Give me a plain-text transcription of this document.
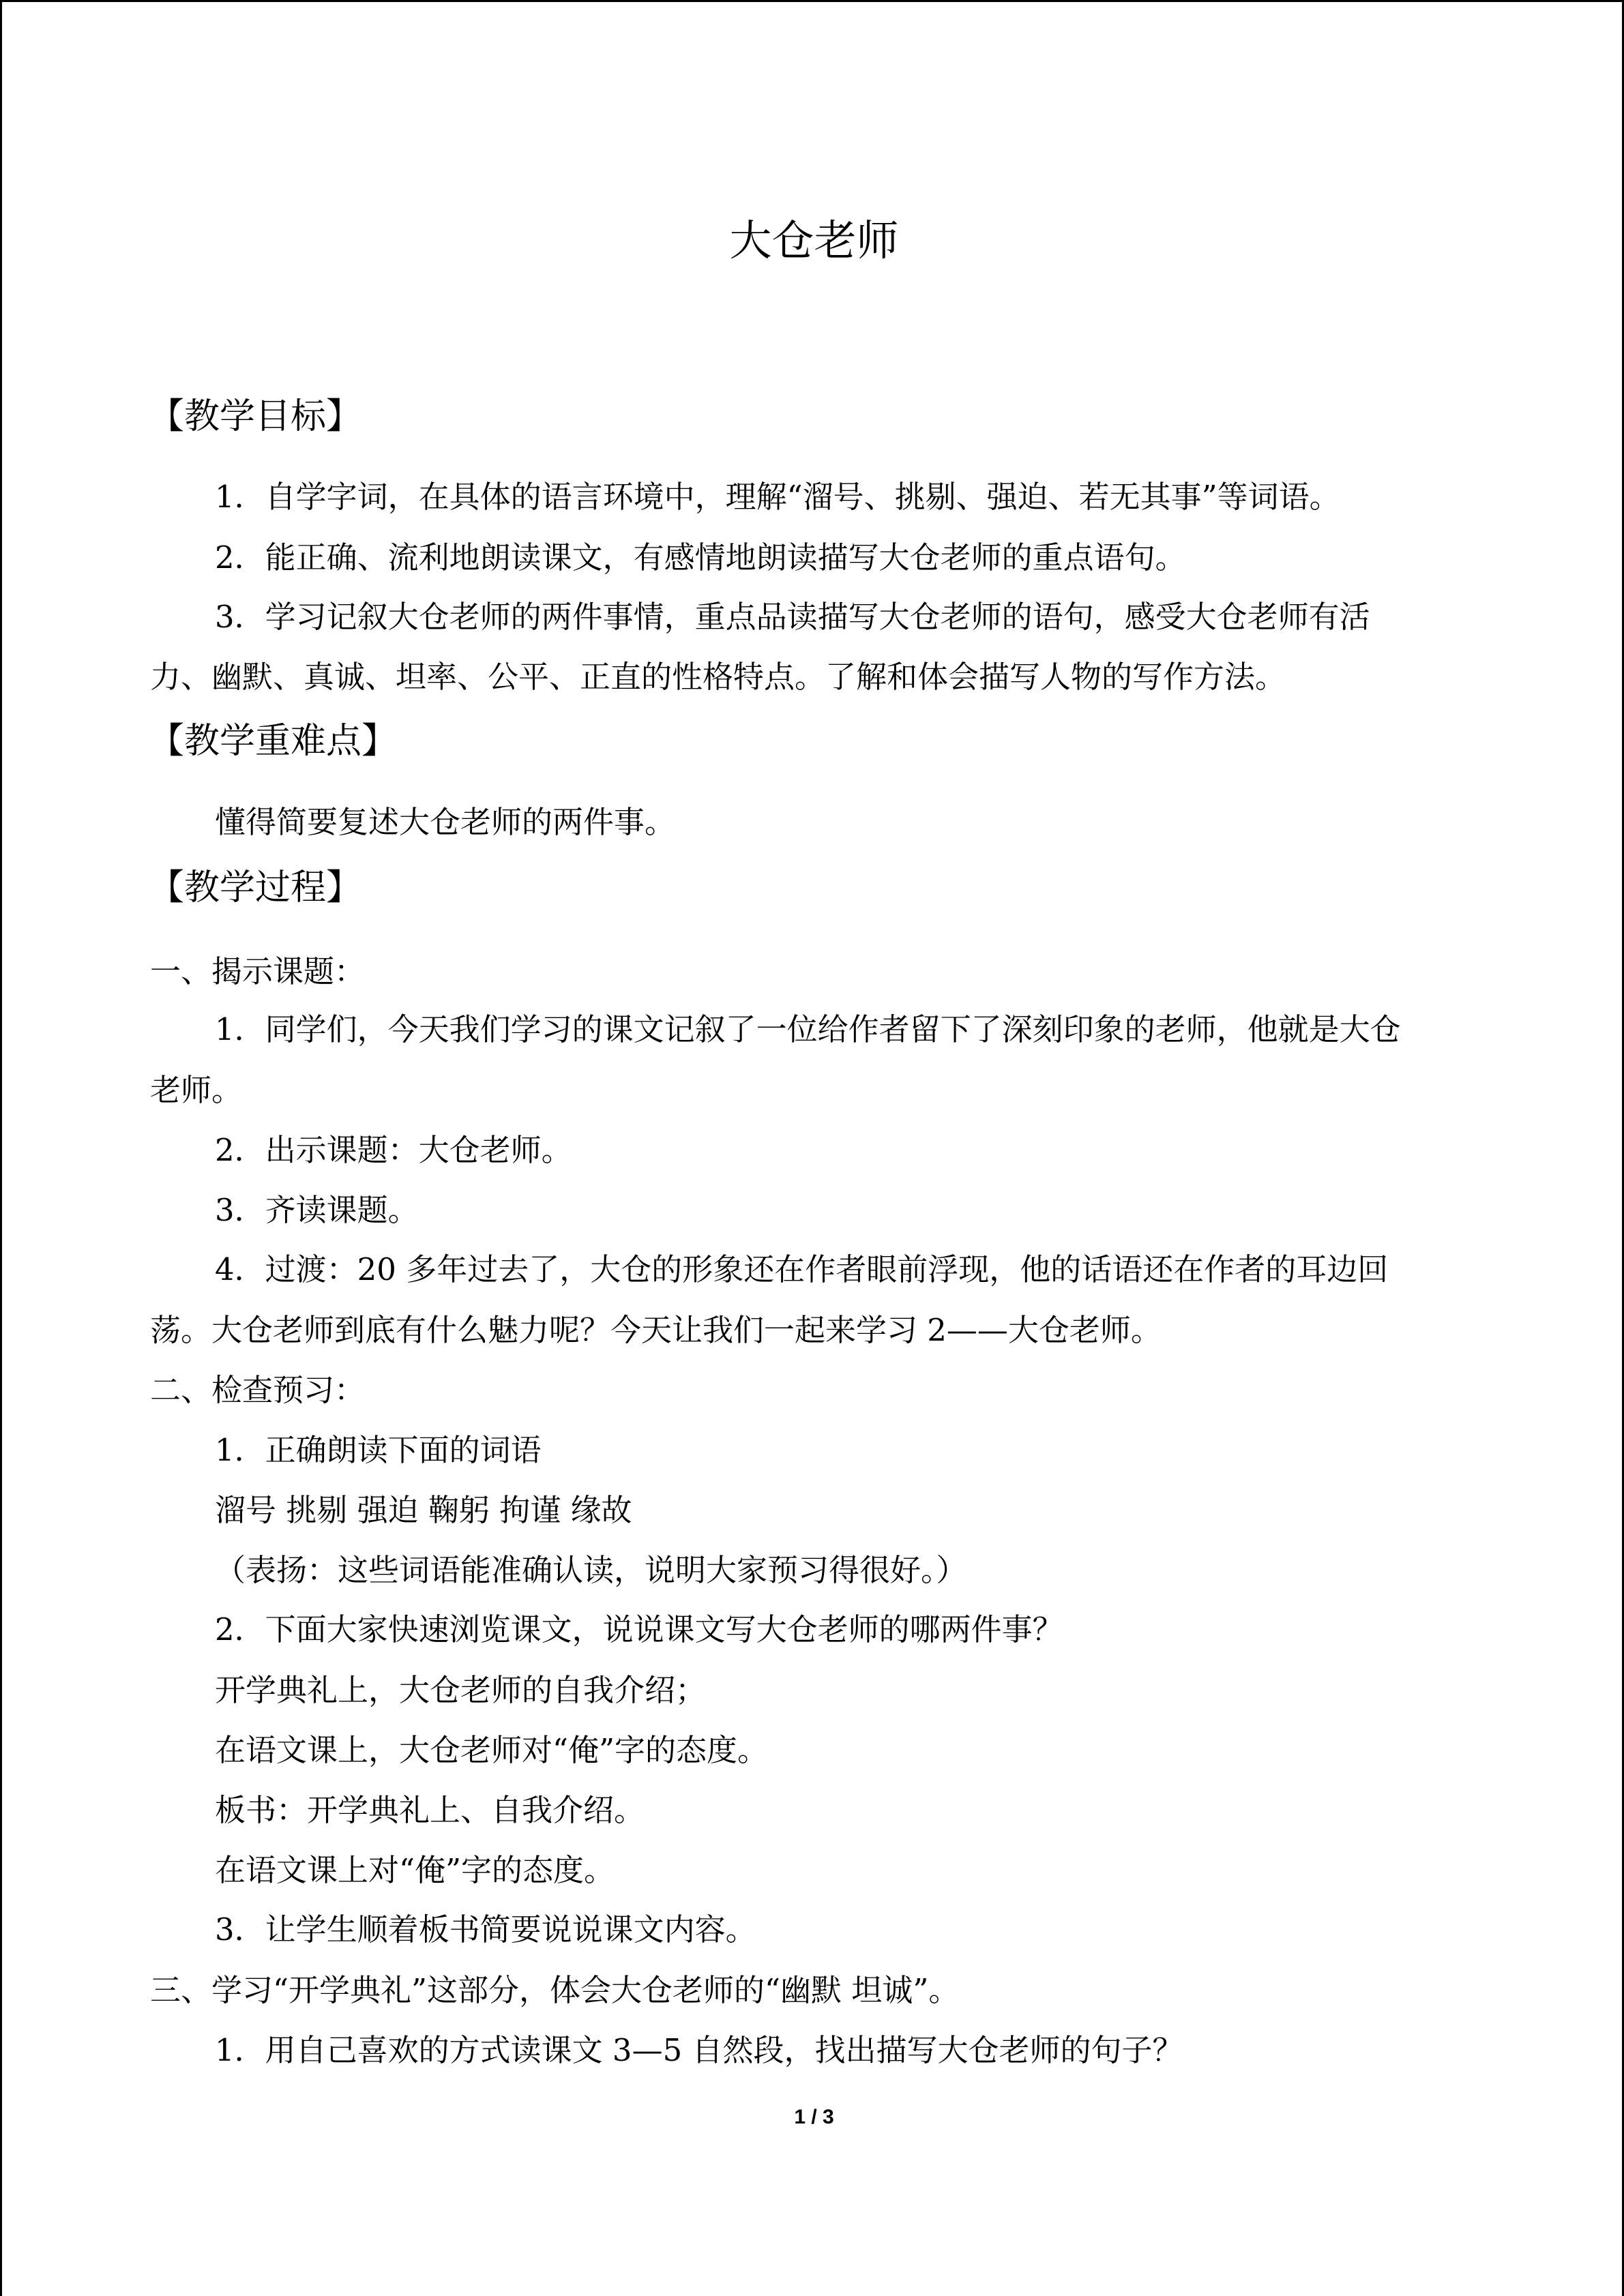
大仓老师
【教学目标】
1．自学字词，在具体的语言环境中，理解“溜号、挑剔、强迫、若无其事”等词语。
2．能正确、流利地朗读课文，有感情地朗读描写大仓老师的重点语句。
3．学习记叙大仓老师的两件事情，重点品读描写大仓老师的语句，感受大仓老师有活
力、幽默、真诚、坦率、公平、正直的性格特点。了解和体会描写人物的写作方法。
【教学重难点】
懂得简要复述大仓老师的两件事。
【教学过程】
一、揭示课题：
1．同学们，今天我们学习的课文记叙了一位给作者留下了深刻印象的老师，他就是大仓
老师。
2．出示课题：大仓老师。
3．齐读课题。
4．过渡：20 多年过去了，大仓的形象还在作者眼前浮现，他的话语还在作者的耳边回
荡。大仓老师到底有什么魅力呢？今天让我们一起来学习 2——大仓老师。
二、检查预习：
1．正确朗读下面的词语
溜号 挑剔 强迫 鞠躬 拘谨 缘故
（表扬：这些词语能准确认读，说明大家预习得很好。）
2．下面大家快速浏览课文，说说课文写大仓老师的哪两件事？
开学典礼上，大仓老师的自我介绍；
在语文课上，大仓老师对“俺”字的态度。
板书：开学典礼上、自我介绍。
在语文课上对“俺”字的态度。
3．让学生顺着板书简要说说课文内容。
三、学习“开学典礼”这部分，体会大仓老师的“幽默 坦诚”。
1．用自己喜欢的方式读课文 3—5 自然段，找出描写大仓老师的句子？
1 / 3
